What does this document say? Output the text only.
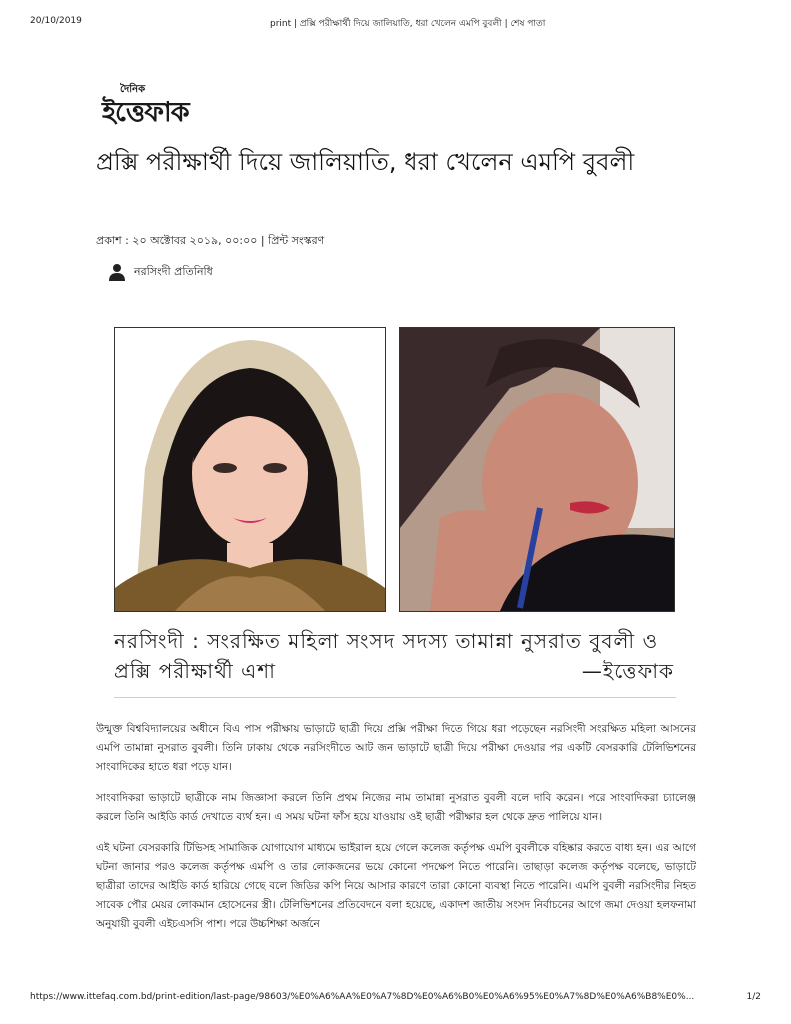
20/10/2019	print | প্রক্সি পরীক্ষার্থী দিয়ে জালিয়াতি, ধরা খেলেন এমপি বুবলী | শেষ পাতা
দৈনিক
ইত্তেফাক
প্রক্সি পরীক্ষার্থী দিয়ে জালিয়াতি, ধরা খেলেন এমপি বুবলী
প্রকাশ : ২০ অক্টোবর ২০১৯, ০০:০০ | প্রিন্ট সংস্করণ
নরসিংদী প্রতিনিধি
নরসিংদী : সংরক্ষিত মহিলা সংসদ সদস্য তামান্না নুসরাত বুবলী ও প্রক্সি পরীক্ষার্থী এশা	—ইত্তেফাক

উন্মুক্ত বিশ্ববিদ্যালয়ের অধীনে বিএ পাস পরীক্ষায় ভাড়াটে ছাত্রী দিয়ে প্রক্সি পরীক্ষা দিতে গিয়ে ধরা পড়েছেন নরসিংদী সংরক্ষিত মহিলা আসনের এমপি তামান্না নুসরাত বুবলী। তিনি ঢাকায় থেকে নরসিংদীতে আট জন ভাড়াটে ছাত্রী দিয়ে পরীক্ষা দেওয়ার পর একটি বেসরকারি টেলিভিশনের সাংবাদিকের হাতে ধরা পড়ে যান।

সাংবাদিকরা ভাড়াটে ছাত্রীকে নাম জিজ্ঞাসা করলে তিনি প্রথম নিজের নাম তামান্না নুসরাত বুবলী বলে দাবি করেন। পরে সাংবাদিকরা চ্যালেঞ্জ করলে তিনি আইডি কার্ড দেখাতে ব্যর্থ হন। এ সময় ঘটনা ফাঁস হয়ে যাওয়ায় ওই ছাত্রী পরীক্ষার হল থেকে দ্রুত পালিয়ে যান।

এই ঘটনা বেসরকারি টিভিসহ সামাজিক যোগাযোগ মাধ্যমে ভাইরাল হয়ে গেলে কলেজ কর্তৃপক্ষ এমপি বুবলীকে বহিষ্কার করতে বাধ্য হন। এর আগে ঘটনা জানার পরও কলেজ কর্তৃপক্ষ এমপি ও তার লোকজনের ভয়ে কোনো পদক্ষেপ নিতে পারেনি। তাছাড়া কলেজ কর্তৃপক্ষ বলেছে, ভাড়াটে ছাত্রীরা তাদের আইডি কার্ড হারিয়ে গেছে বলে জিডির কপি নিয়ে আসার কারণে তারা কোনো ব্যবস্থা নিতে পারেনি। এমপি বুবলী নরসিংদীর নিহত সাবেক পৌর মেয়র লোকমান হোসেনের স্ত্রী। টেলিভিশনের প্রতিবেদনে বলা হয়েছে, একাদশ জাতীয় সংসদ নির্বাচনের আগে জমা দেওয়া হলফনামা অনুযায়ী বুবলী এইচএসসি পাশ। পরে উচ্চশিক্ষা অর্জনে

https://www.ittefaq.com.bd/print-edition/last-page/98603/%E0%A6%AA%E0%A7%8D%E0%A6%B0%E0%A6%95%E0%A7%8D%E0%A6%B8%E0%...	1/2
